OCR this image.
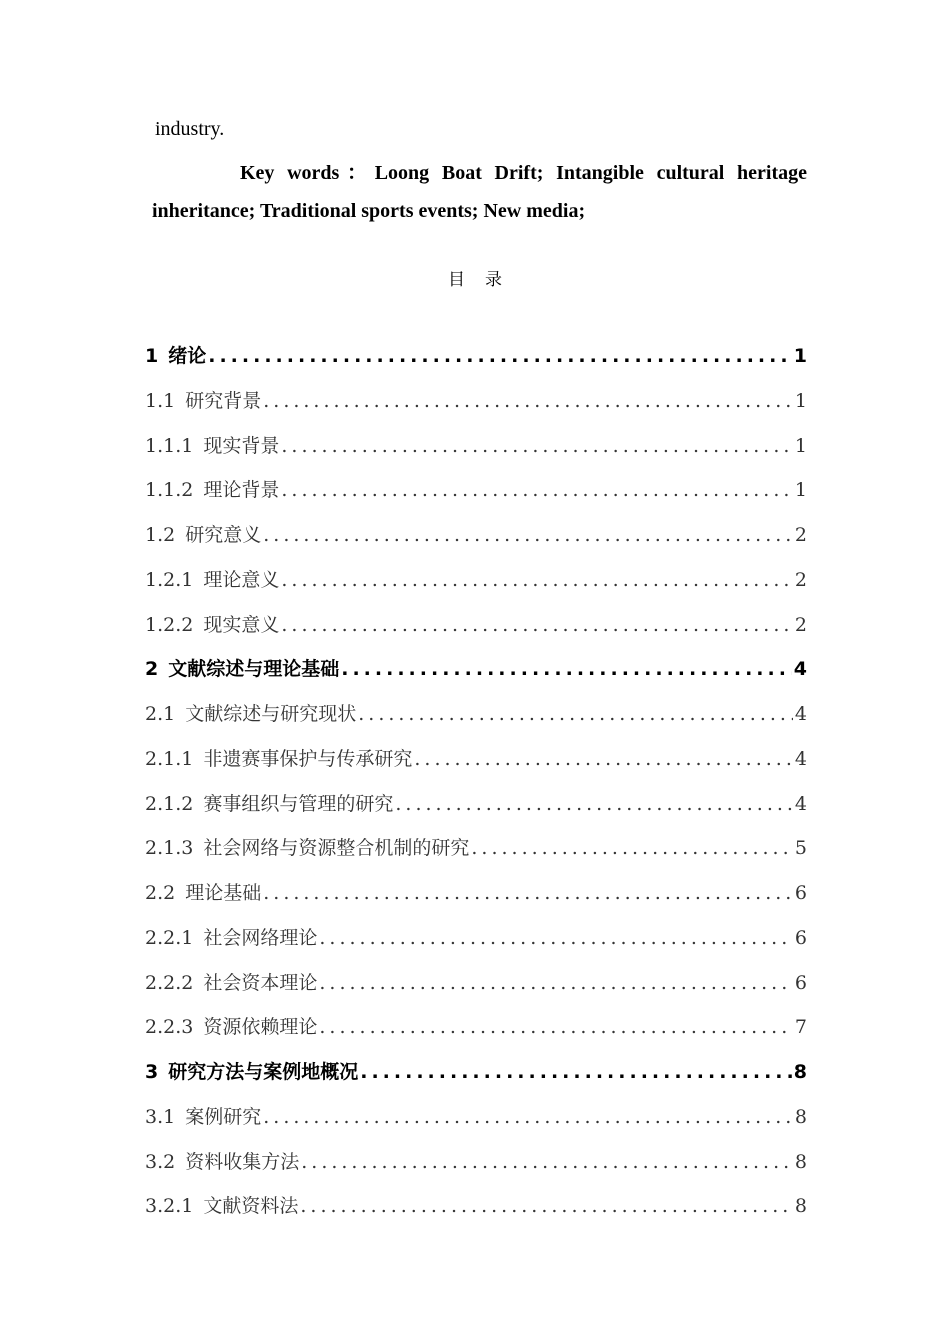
industry.
Key words：Loong Boat Drift; Intangible cultural heritage inheritance; Traditional sports events; New media;
目录
1 绪论 .....	1
1.1 研究背景 .....	1
1.1.1 现实背景 .....	1
1.1.2 理论背景 .....	1
1.2 研究意义 .....	2
1.2.1 理论意义 .....	2
1.2.2 现实意义 .....	2
2 文献综述与理论基础 .....	4
2.1 文献综述与研究现状 .....	4
2.1.1 非遗赛事保护与传承研究 .....	4
2.1.2 赛事组织与管理的研究 .....	4
2.1.3 社会网络与资源整合机制的研究 .....	5
2.2 理论基础 .....	6
2.2.1 社会网络理论 .....	6
2.2.2 社会资本理论 .....	6
2.2.3 资源依赖理论 .....	7
3 研究方法与案例地概况 .....	8
3.1 案例研究 .....	8
3.2 资料收集方法 .....	8
3.2.1 文献资料法 .....	8
